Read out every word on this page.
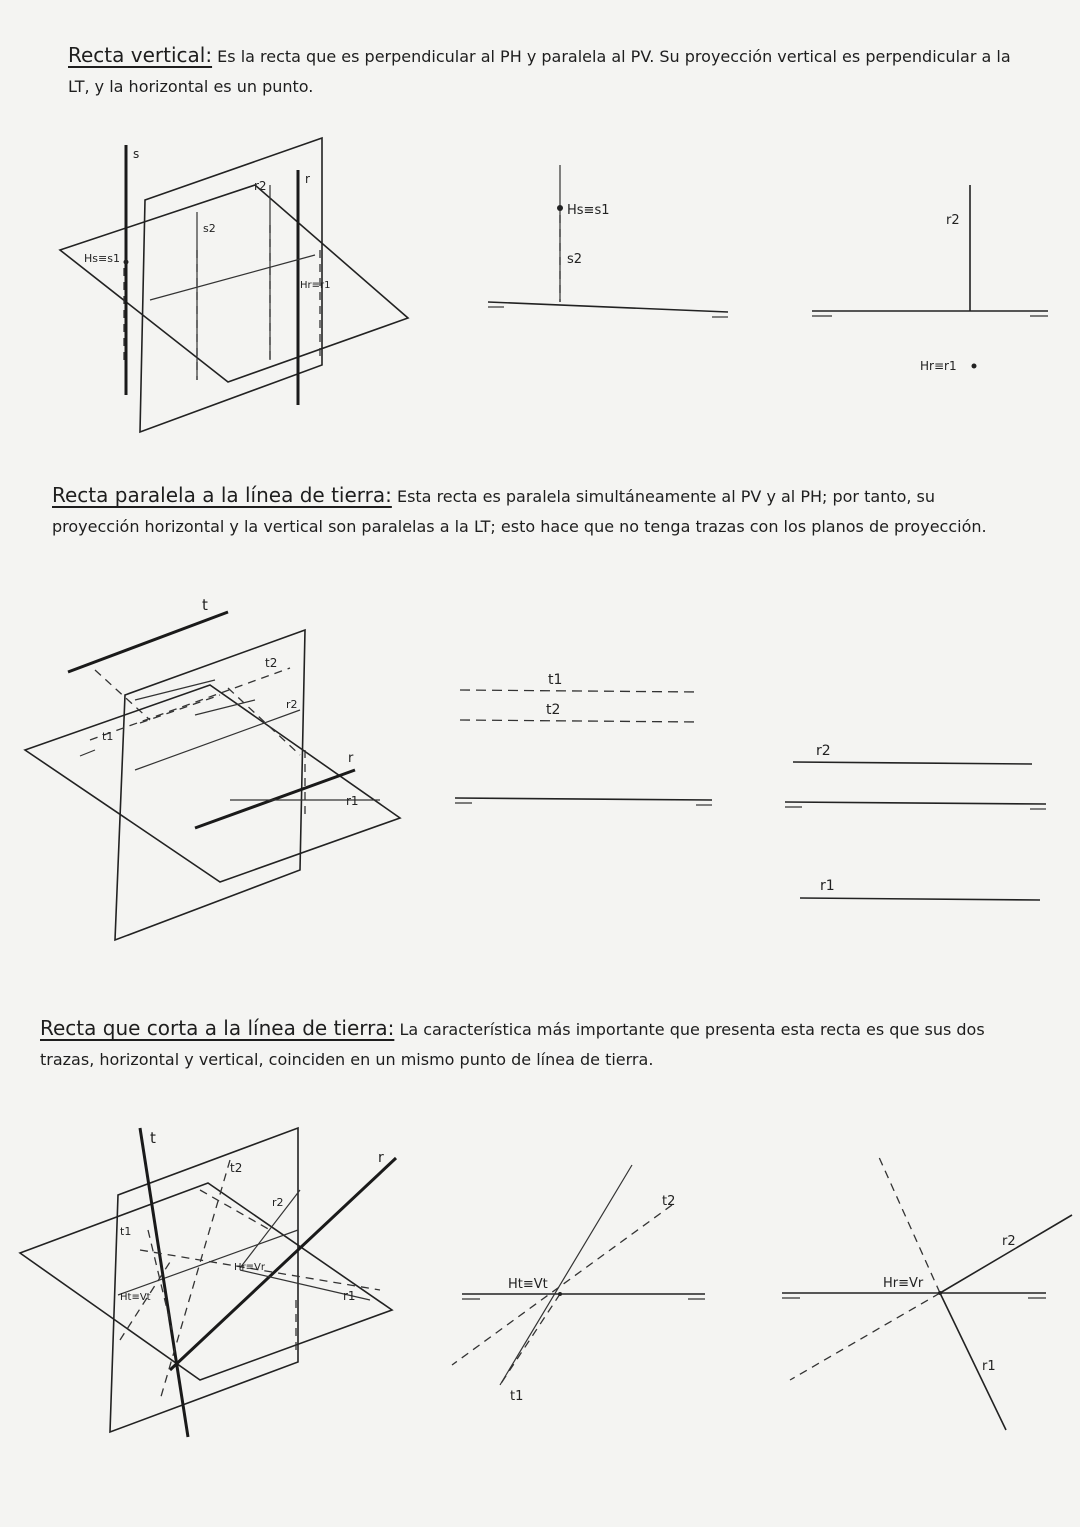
Recta vertical: Es la recta que es perpendicular al PH y paralela al PV. Su proyección vertical es perpendicular a la LT, y la horizontal es un punto.
s
r2	r
s2
Hs≡s1
Hr≡r1
Hs≡s1
s2
r2
Hr≡r1
Recta paralela a la línea de tierra: Esta recta es paralela simultáneamente al PV y al PH; por tanto, su proyección horizontal y la vertical son paralelas a la LT; esto hace que no tenga trazas con los planos de proyección.
t
t2
r2
t1
r
r1
t1
t2
r2
r1
Recta que corta a la línea de tierra: La característica más importante que presenta esta recta es que sus dos trazas, horizontal y vertical, coinciden en un mismo punto de línea de tierra.
t
t2
r
r2
t1
r1
Ht≡Vt
Hr≡Vr
Ht≡Vt
t2
t1
Hr≡Vr
r2
r1
